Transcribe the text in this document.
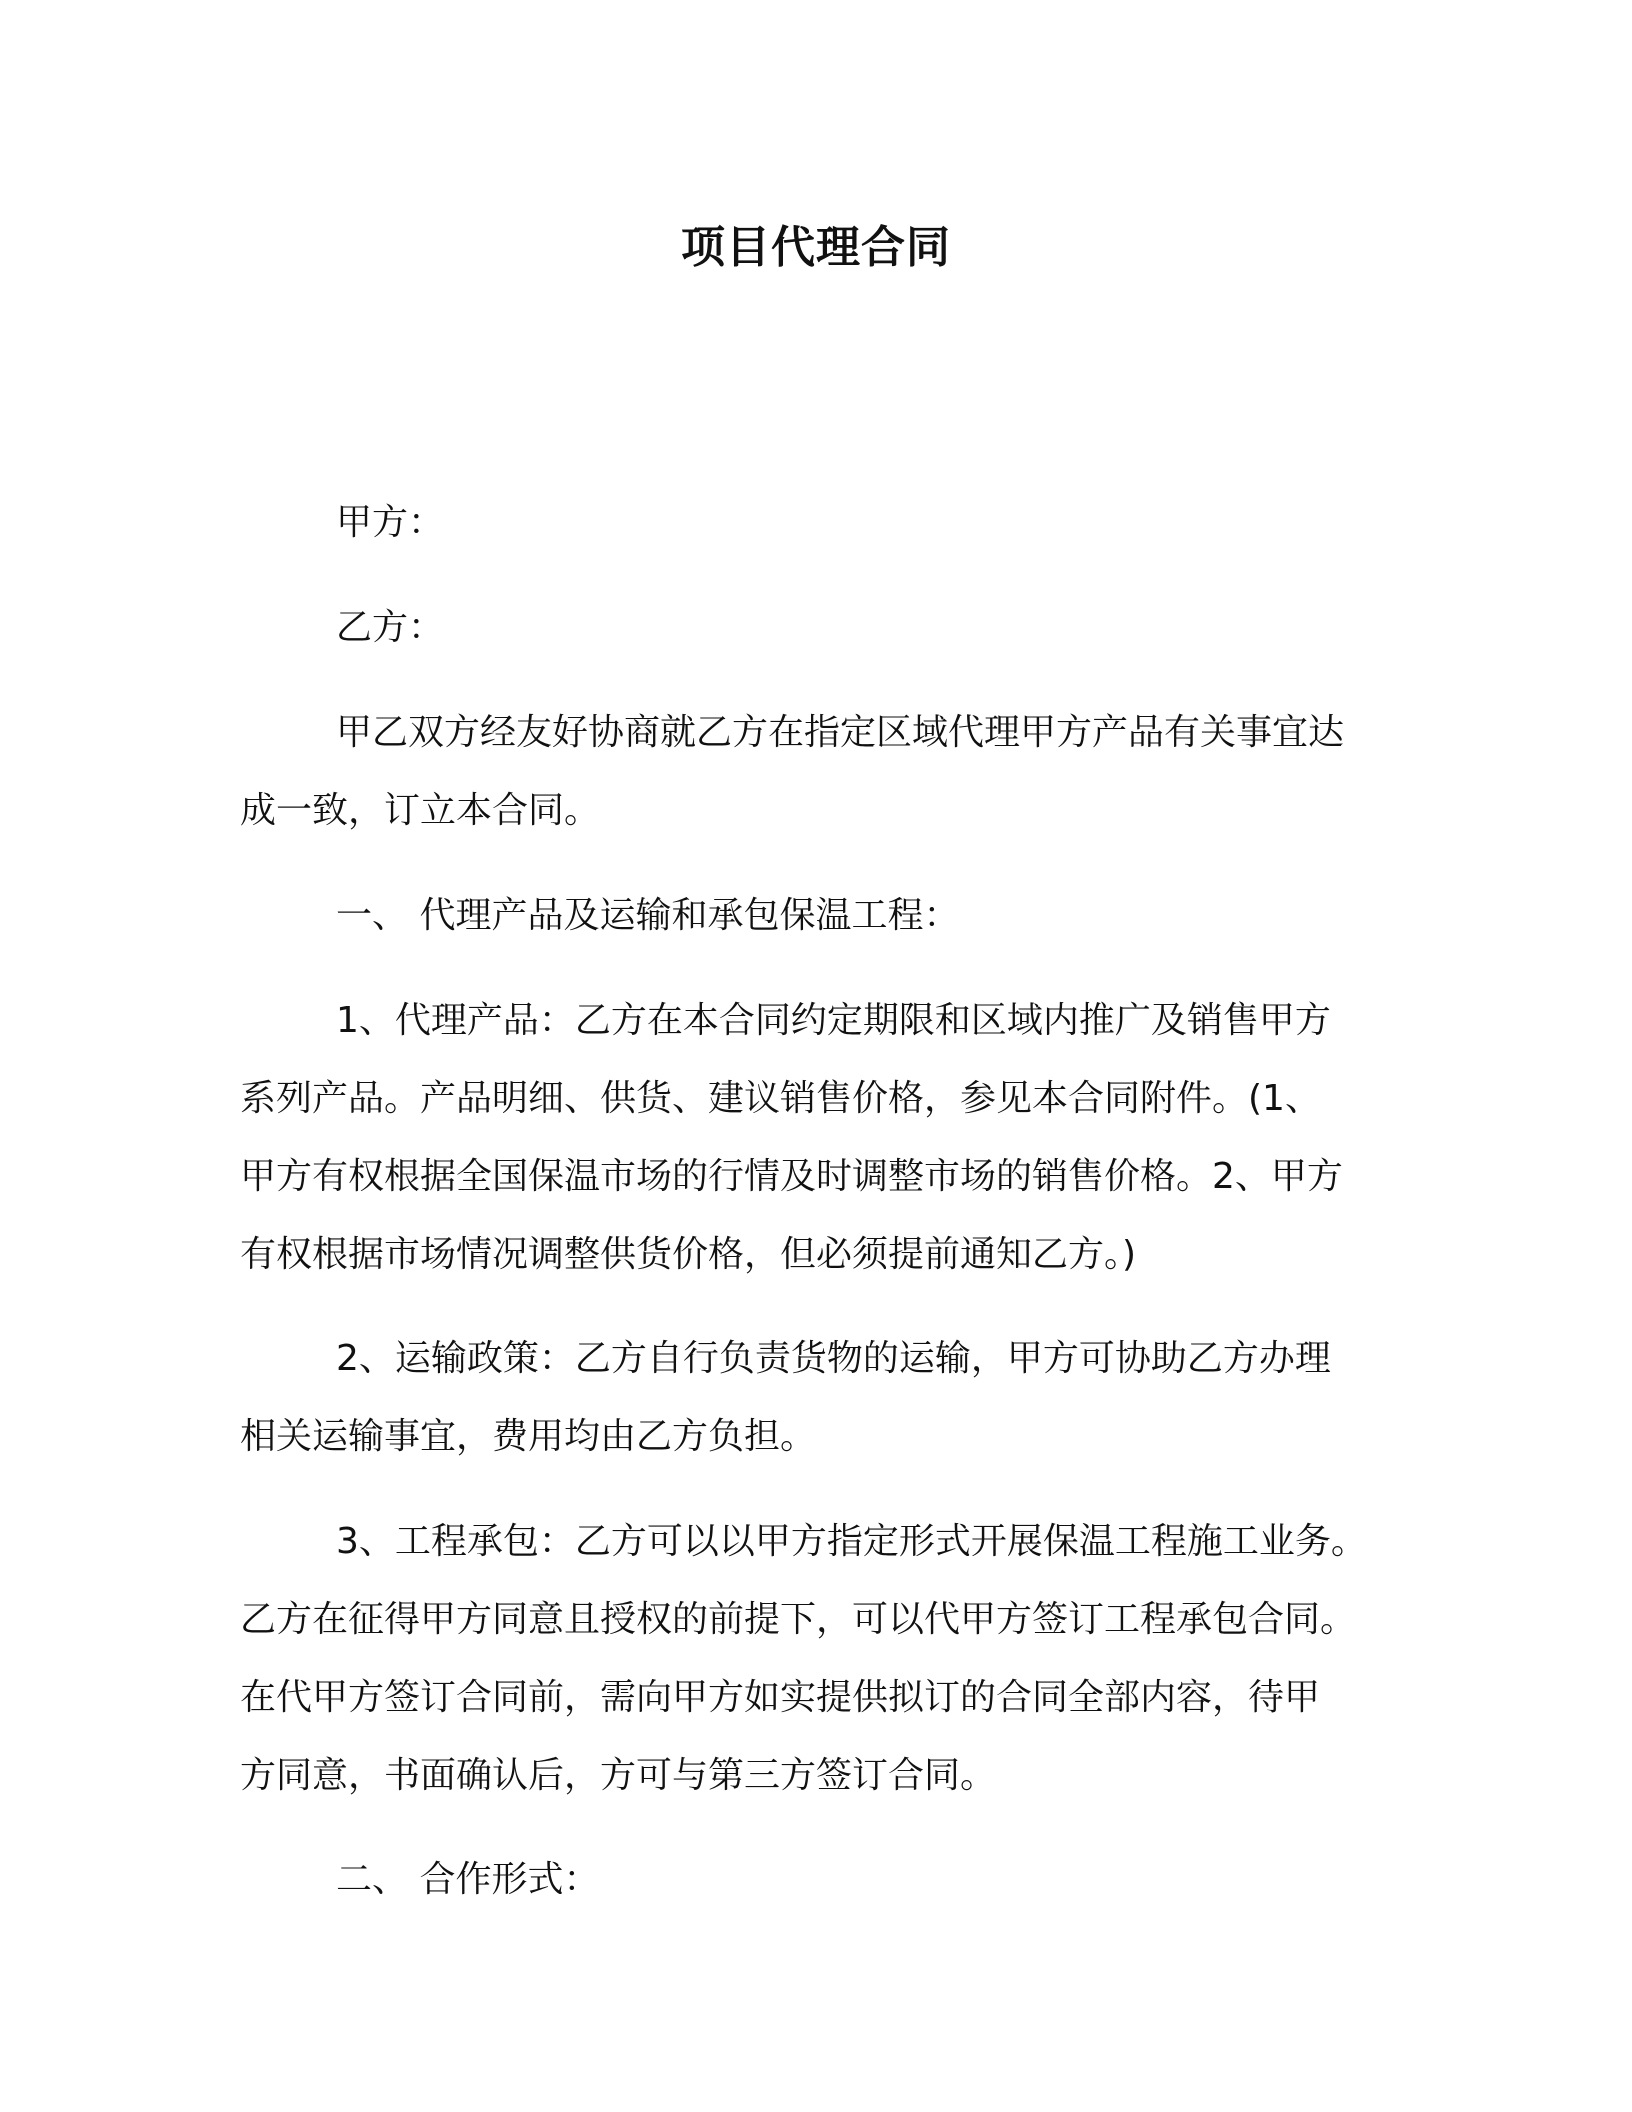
项目代理合同
甲方：
乙方：
甲乙双方经友好协商就乙方在指定区域代理甲方产品有关事宜达
成一致，订立本合同。
一、 代理产品及运输和承包保温工程：
1、代理产品：乙方在本合同约定期限和区域内推广及销售甲方
系列产品。产品明细、供货、建议销售价格，参见本合同附件。(1、
甲方有权根据全国保温市场的行情及时调整市场的销售价格。2、甲方
有权根据市场情况调整供货价格，但必须提前通知乙方。)
2、运输政策：乙方自行负责货物的运输，甲方可协助乙方办理
相关运输事宜，费用均由乙方负担。
3、工程承包：乙方可以以甲方指定形式开展保温工程施工业务。
乙方在征得甲方同意且授权的前提下，可以代甲方签订工程承包合同。
在代甲方签订合同前，需向甲方如实提供拟订的合同全部内容，待甲
方同意，书面确认后，方可与第三方签订合同。
二、 合作形式：
